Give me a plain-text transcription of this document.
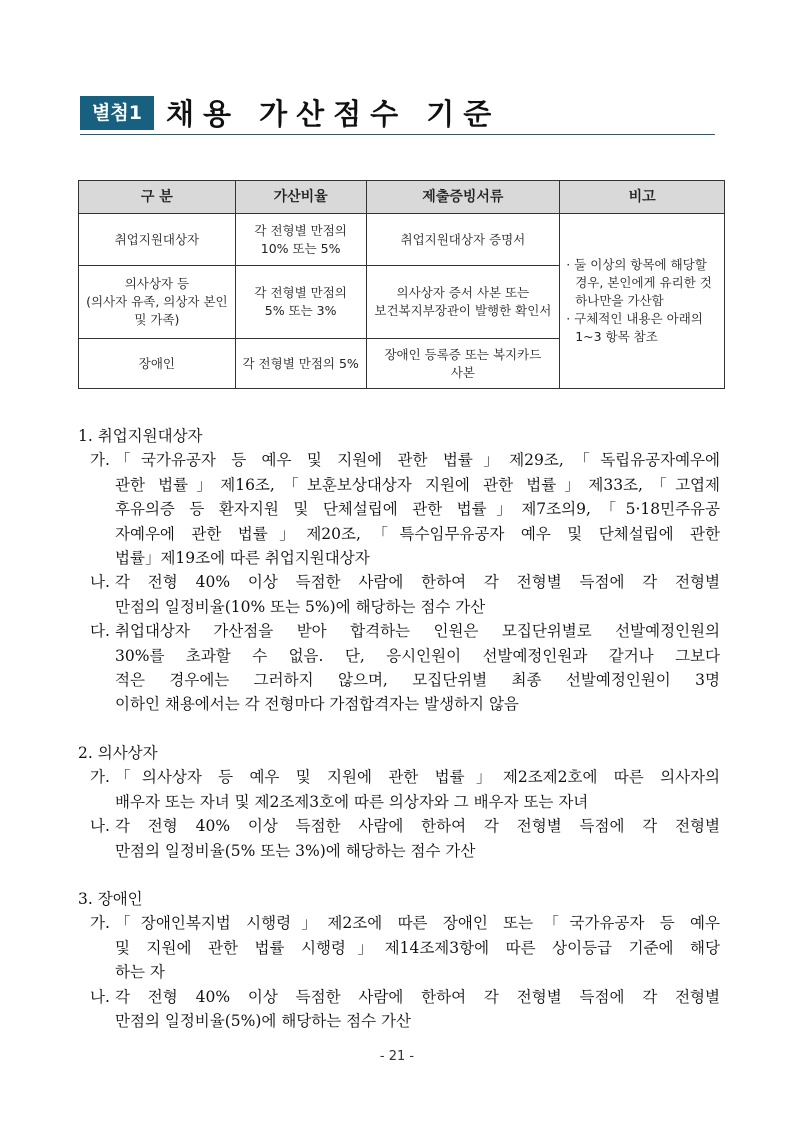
별첨1 채용 가산점수 기준
구 분	가산비율	제출증빙서류	비고

취업지원대상자	각 전형별 만점의
10% 또는 5%	취업지원대상자 증명서	· 둘 이상의 항목에 해당할
경우, 본인에게 유리한 것
하나만을 가산함
· 구체적인 내용은 아래의
1~3 항목 참조

의사상자 등
(의사자 유족, 의상자 본인
및 가족)	각 전형별 만점의
5% 또는 3%	의사상자 증서 사본 또는
보건복지부장관이 발행한 확인서	

장애인	각 전형별 만점의 5%	장애인 등록증 또는 복지카드
사본	
1. 취업지원대상자
가. 「국가유공자 등 예우 및 지원에 관한 법률」제29조,「독립유공자예우에
관한 법률」제16조,「보훈보상대상자 지원에 관한 법률」제33조,「고엽제
후유의증 등 환자지원 및 단체설립에 관한 법률」제7조의9,「5·18민주유공
자예우에 관한 법률」제20조,「특수임무유공자 예우 및 단체설립에 관한
법률」제19조에 따른 취업지원대상자
나. 각 전형 40% 이상 득점한 사람에 한하여 각 전형별 득점에 각 전형별
만점의 일정비율(10% 또는 5%)에 해당하는 점수 가산
다. 취업대상자 가산점을 받아 합격하는 인원은 모집단위별로 선발예정인원의
30%를 초과할 수 없음. 단, 응시인원이 선발예정인원과 같거나 그보다
적은 경우에는 그러하지 않으며, 모집단위별 최종 선발예정인원이 3명
이하인 채용에서는 각 전형마다 가점합격자는 발생하지 않음
2. 의사상자
가. 「의사상자 등 예우 및 지원에 관한 법률」제2조제2호에 따른 의사자의
배우자 또는 자녀 및 제2조제3호에 따른 의상자와 그 배우자 또는 자녀
나. 각 전형 40% 이상 득점한 사람에 한하여 각 전형별 득점에 각 전형별
만점의 일정비율(5% 또는 3%)에 해당하는 점수 가산
3. 장애인
가. 「장애인복지법 시행령」제2조에 따른 장애인 또는「국가유공자 등 예우
및 지원에 관한 법률 시행령」제14조제3항에 따른 상이등급 기준에 해당
하는 자
나. 각 전형 40% 이상 득점한 사람에 한하여 각 전형별 득점에 각 전형별
만점의 일정비율(5%)에 해당하는 점수 가산
- 21 -
